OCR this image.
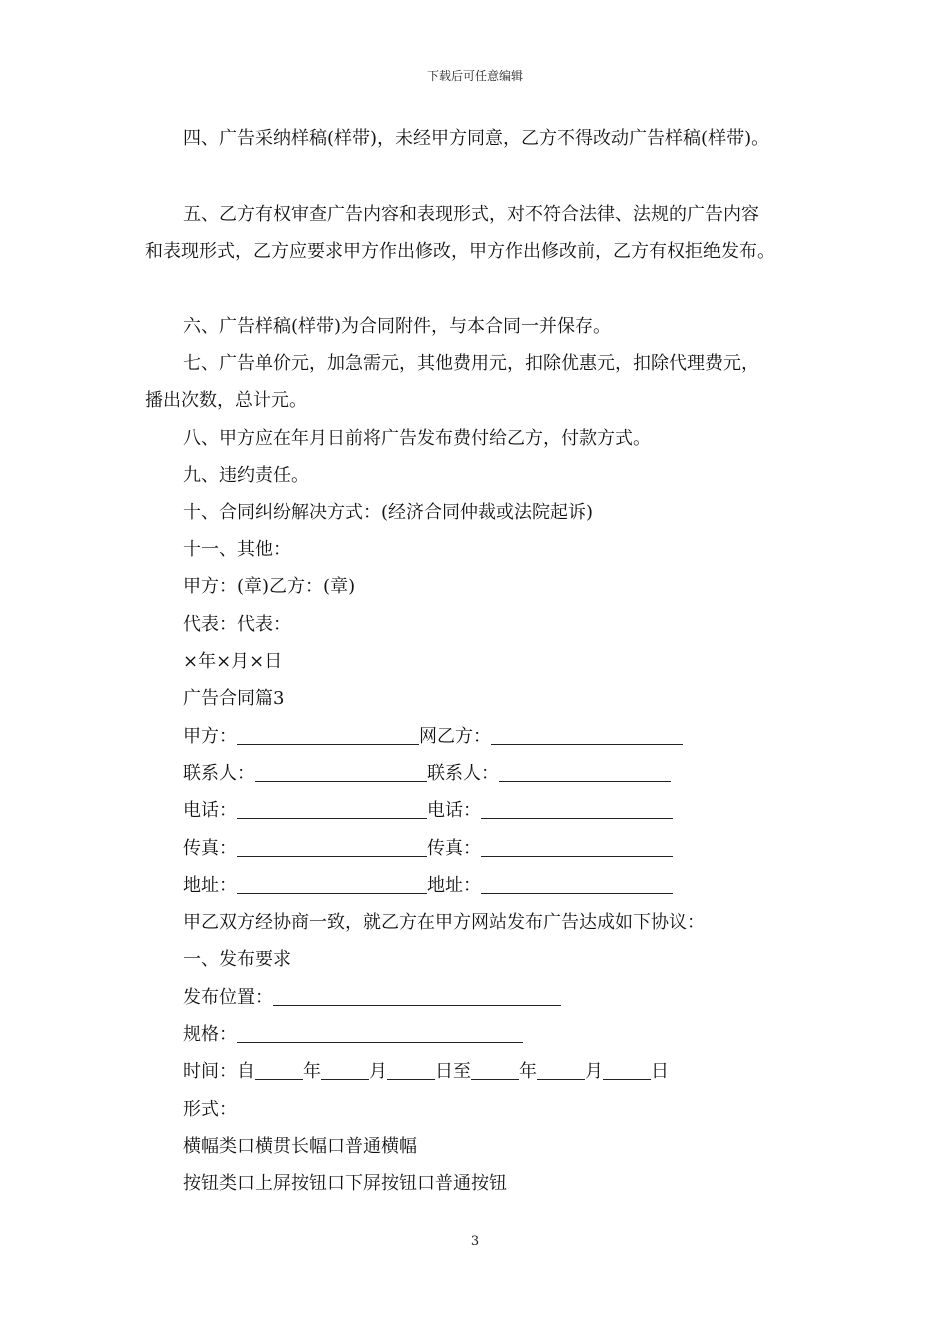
下载后可任意编辑
四、广告采纳样稿(样带)，未经甲方同意，乙方不得改动广告样稿(样带)。
五、乙方有权审查广告内容和表现形式，对不符合法律、法规的广告内容
和表现形式，乙方应要求甲方作出修改，甲方作出修改前，乙方有权拒绝发布。
六、广告样稿(样带)为合同附件，与本合同一并保存。
七、广告单价元，加急需元，其他费用元，扣除优惠元，扣除代理费元，
播出次数，总计元。
八、甲方应在年月日前将广告发布费付给乙方，付款方式。
九、违约责任。
十、合同纠纷解决方式：(经济合同仲裁或法院起诉)
十一、其他：
甲方：(章)乙方：(章)
代表：代表：
×年×月×日
广告合同篇3
甲方：	网乙方：
联系人：	联系人：
电话：	电话：
传真：	传真：
地址：	地址：
甲乙双方经协商一致，就乙方在甲方网站发布广告达成如下协议：
一、发布要求
发布位置：
规格：
时间：自	年	月	日至	年	月	日
形式：
横幅类口横贯长幅口普通横幅
按钮类口上屏按钮口下屏按钮口普通按钮
3
